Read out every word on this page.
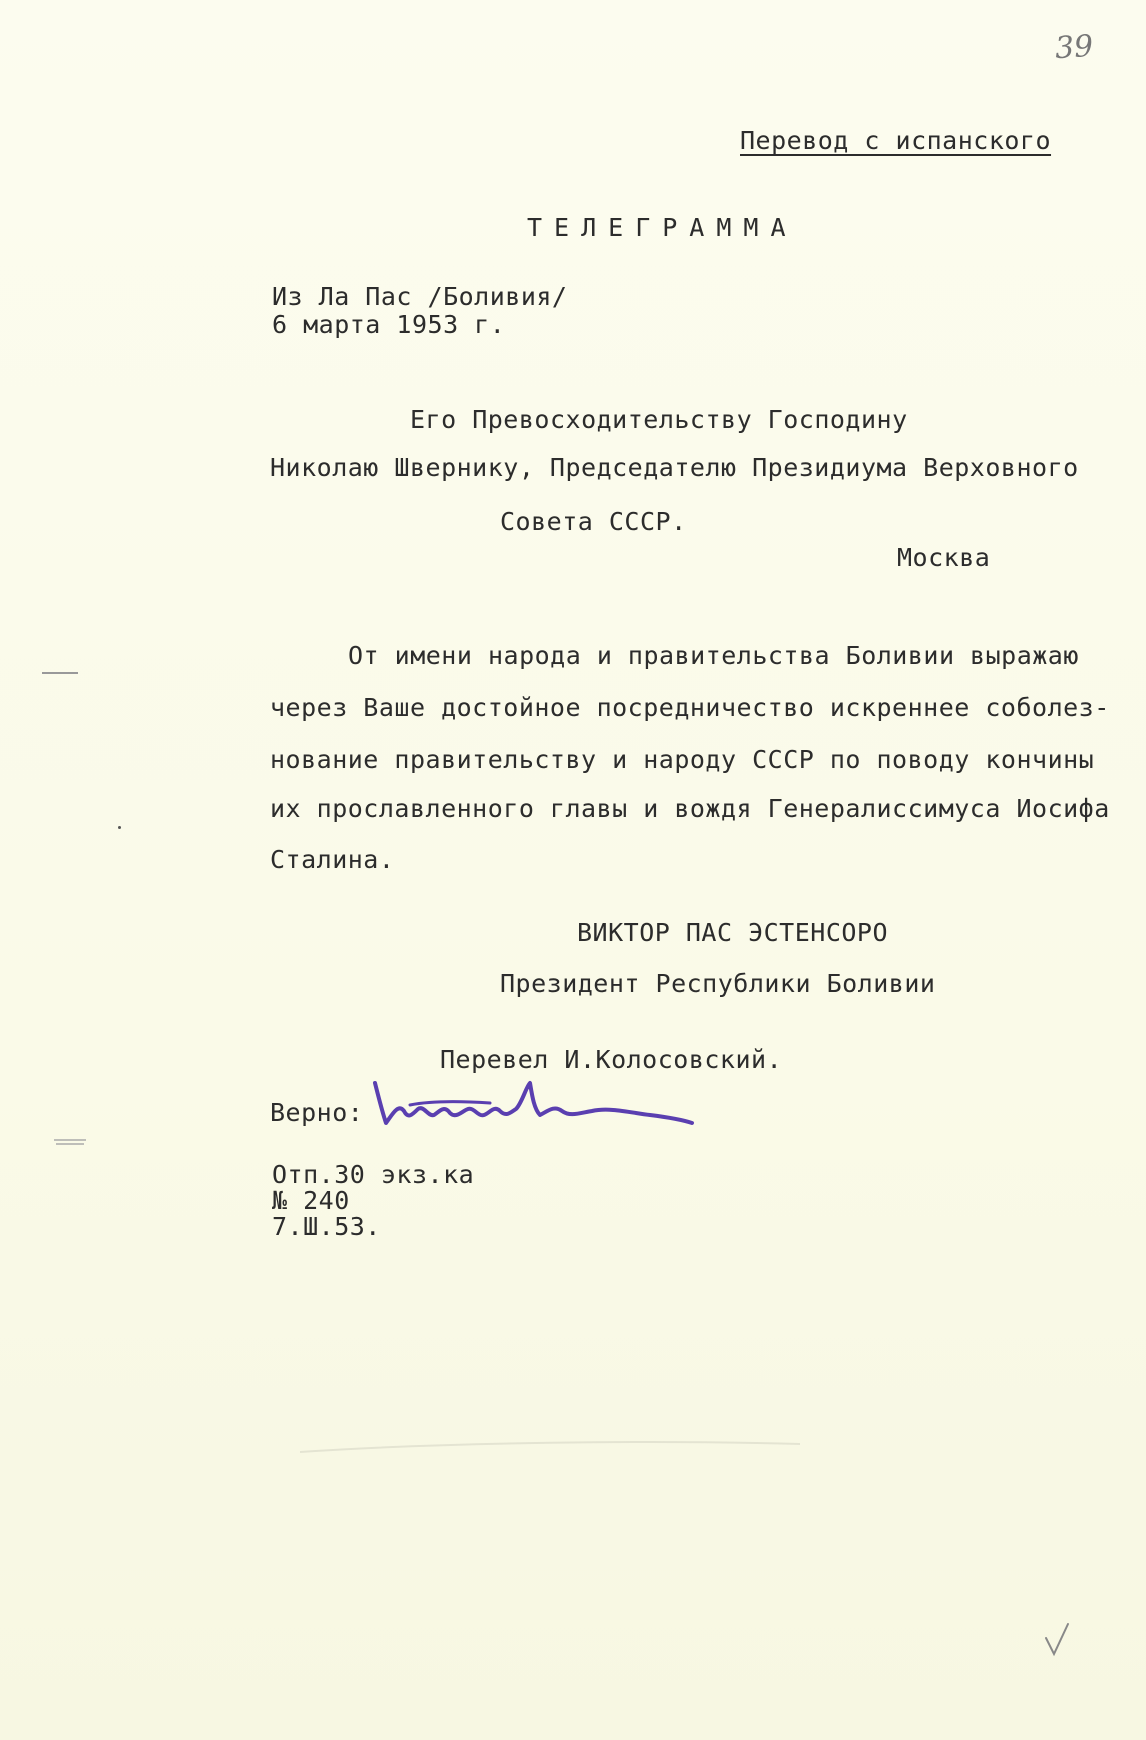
39
Перевод с испанского
ТЕЛЕГРАММА
Из Ла Пас /Боливия/
6 марта 1953 г.
Его Превосходительству Господину
Николаю Швернику, Председателю Президиума Верховного
Совета СССР.
Москва
От имени народа и правительства Боливии выражаю
через Ваше достойное посредничество искреннее соболез-
нование правительству и народу СССР по поводу кончины
их прославленного главы и вождя Генералиссимуса Иосифа
Сталина.
ВИКТОР ПАС ЭСТЕНСОРО
Президент Республики Боливии
Перевел И.Колосовский.
Верно:
Отп.30 экз.ка
№ 240
7.Ш.53.
